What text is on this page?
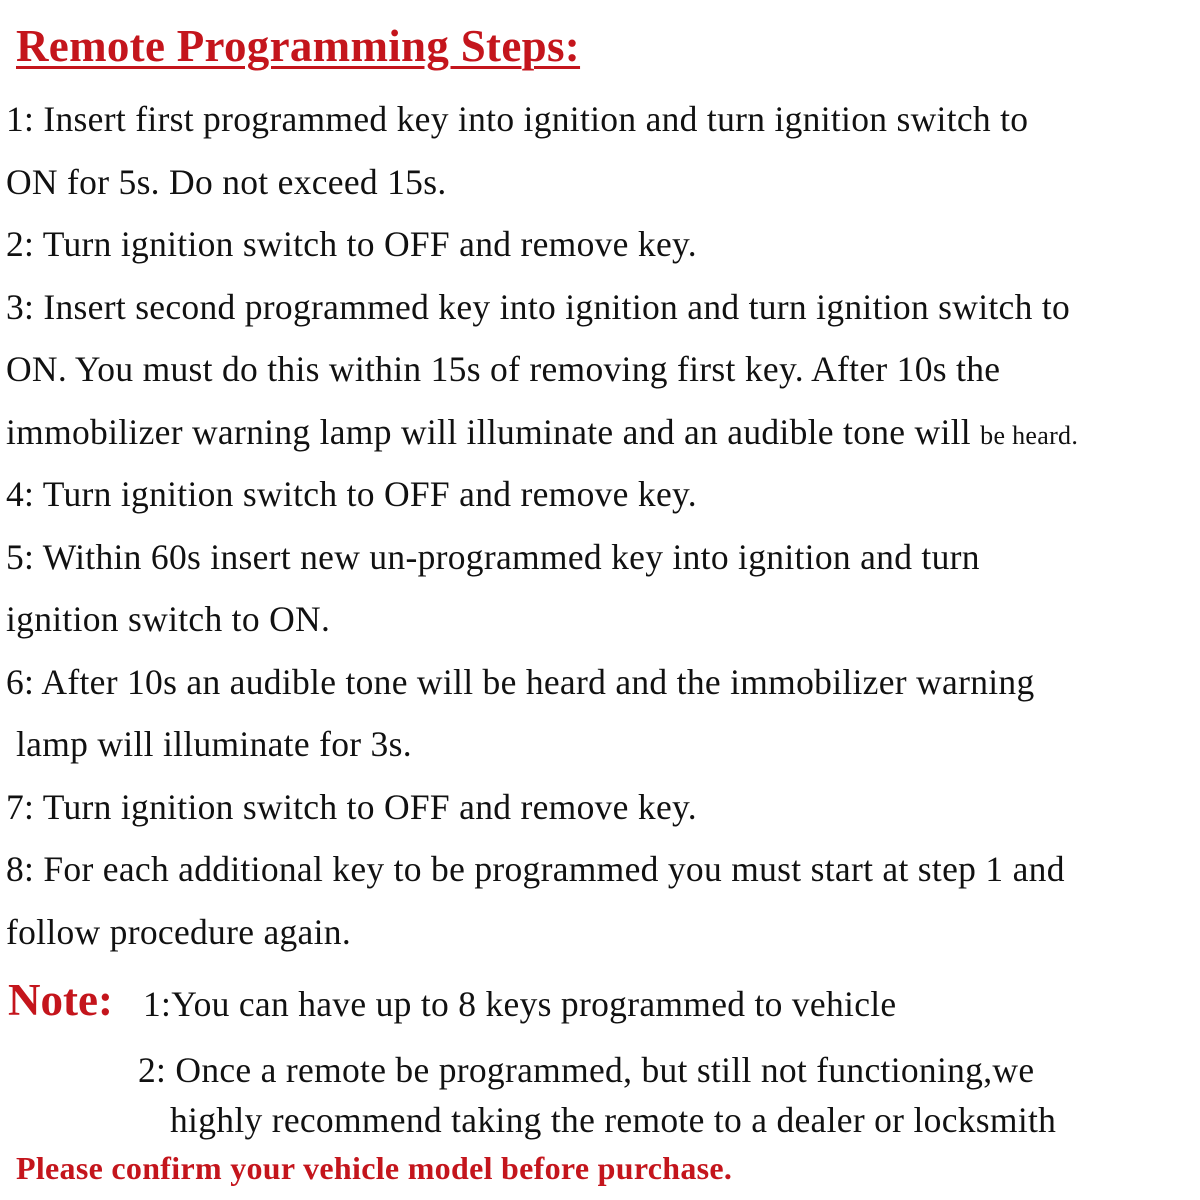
Remote Programming Steps:
1: Insert first programmed key into ignition and turn ignition switch to
ON for 5s. Do not exceed 15s.
2: Turn ignition switch to OFF and remove key.
3: Insert second programmed key into ignition and turn ignition switch to
ON. You must do this within 15s of removing first key. After 10s the
immobilizer warning lamp will illuminate and an audible tone will be heard.
4: Turn ignition switch to OFF and remove key.
5: Within 60s insert new un-programmed key into ignition and turn
ignition switch to ON.
6: After 10s an audible tone will be heard and the immobilizer warning
lamp will illuminate for 3s.
7: Turn ignition switch to OFF and remove key.
8: For each additional key to be programmed you must start at step 1 and
follow procedure again.
Note: 1:You can have up to 8 keys programmed to vehicle
2: Once a remote be programmed, but still not functioning,we
highly recommend taking the remote to a dealer or locksmith
Please confirm your vehicle model before purchase.
